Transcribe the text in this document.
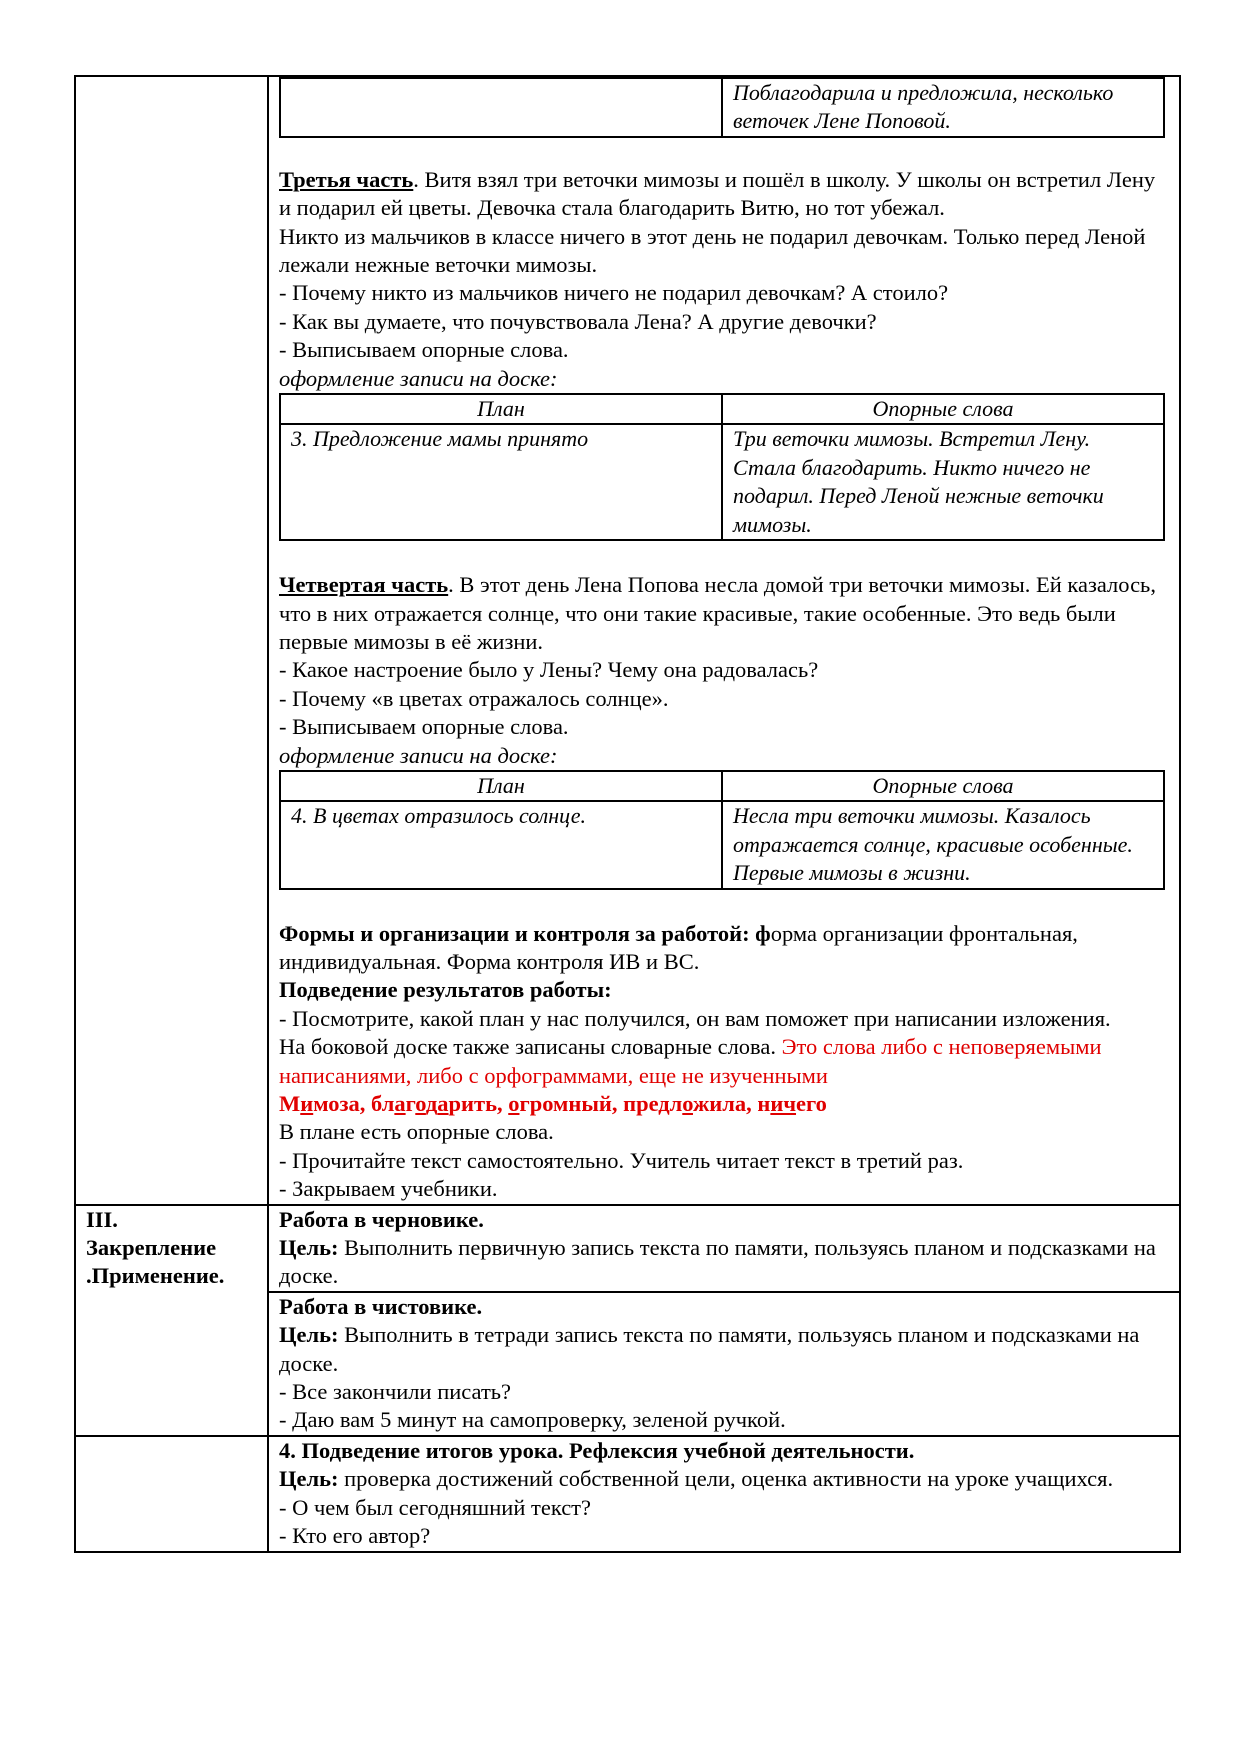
	Поблагодарила и предложила, несколько веточек Лене Поповой.

Третья часть. Витя взял три веточки мимозы и пошёл в школу. У школы он встретил Лену и подарил ей цветы. Девочка стала благодарить Витю, но тот убежал.

Никто из мальчиков в классе ничего в этот день не подарил девочкам. Только перед Леной лежали нежные веточки мимозы.

- Почему никто из мальчиков ничего не подарил девочкам? А стоило?

- Как вы думаете, что почувствовала Лена? А другие девочки?

- Выписываем опорные слова.

оформление записи на доске:

План	Опорные слова
3. Предложение мамы принято	Три веточки мимозы. Встретил Лену. Стала благодарить. Никто ничего не подарил. Перед Леной нежные веточки мимозы.

Четвертая часть. В этот день Лена Попова несла домой три веточки мимозы. Ей казалось, что в них отражается солнце, что они такие красивые, такие особенные. Это ведь были первые мимозы в её жизни.

- Какое настроение было у Лены? Чему она радовалась?

- Почему «в цветах отражалось солнце».

- Выписываем опорные слова.

оформление записи на доске:

План	Опорные слова
4. В цветах отразилось солнце.	Несла три веточки мимозы. Казалось отражается солнце, красивые особенные. Первые мимозы в жизни.

Формы и организации и контроля за работой: форма организации фронтальная, индивидуальная. Форма контроля ИВ и ВС.

Подведение результатов работы:

- Посмотрите, какой план у нас получился, он вам поможет при написании изложения.

На боковой доске также записаны словарные слова. Это слова либо с неповеряемыми написаниями, либо с орфограммами, еще не изученными

Мимоза, благодарить, огромный, предложила, ничего

В плане есть опорные слова.

- Прочитайте текст самостоятельно. Учитель читает текст в третий раз.

- Закрываем учебники.

III.

Закрепление

.Применение.

Работа в черновике.

Цель: Выполнить первичную запись текста по памяти, пользуясь планом и подсказками на доске.

Работа в чистовике.

Цель: Выполнить в тетради запись текста по памяти, пользуясь планом и подсказками на доске.

- Все закончили писать?

- Даю вам 5 минут на самопроверку, зеленой ручкой.

4. Подведение итогов урока. Рефлексия учебной деятельности.

Цель: проверка достижений собственной цели, оценка активности на уроке учащихся.

- О чем был сегодняшний текст?

- Кто его автор?
